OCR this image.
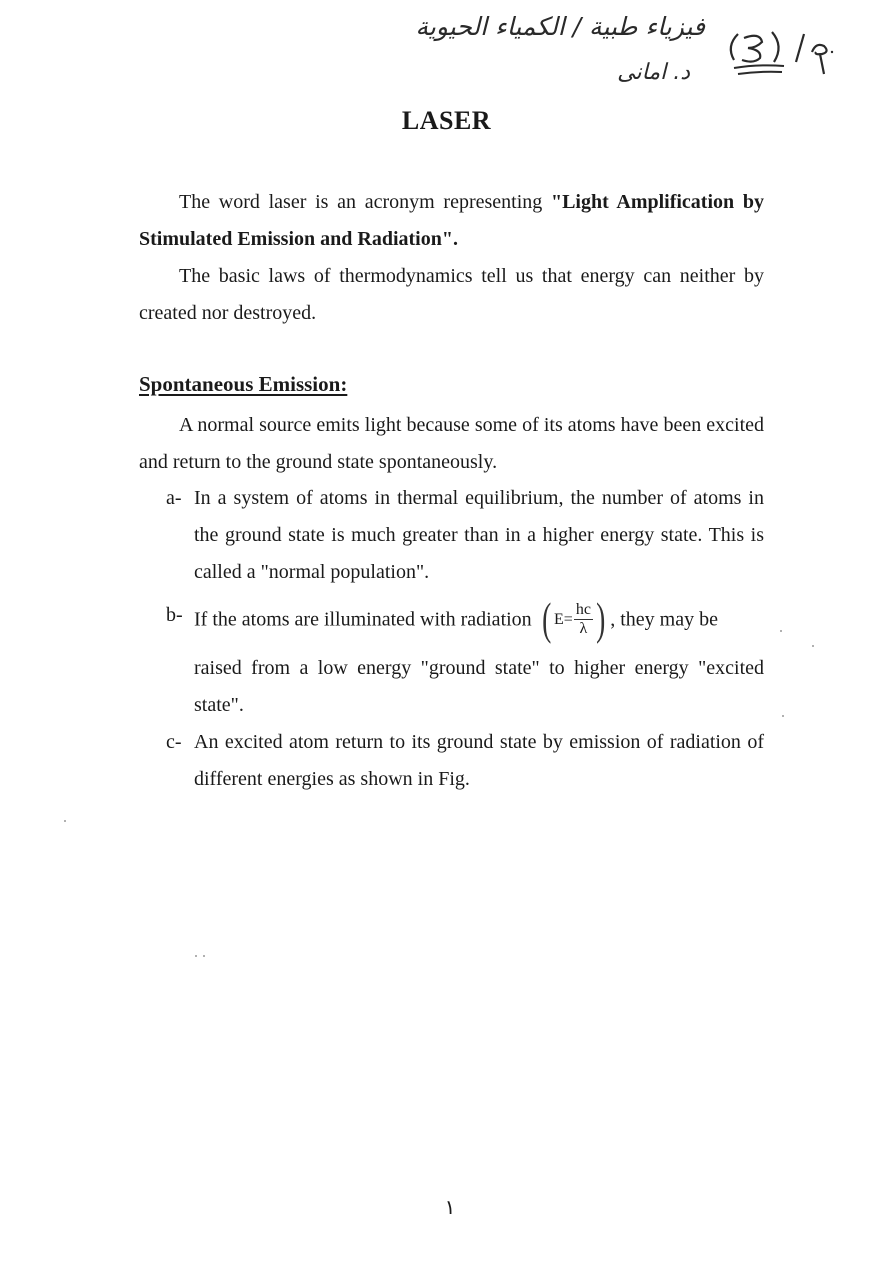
فيزياء طبية / الكمياء الحيوية
د. امانى
LASER

The word laser is an acronym representing "Light Amplification by Stimulated Emission and Radiation".

The basic laws of thermodynamics tell us that energy can neither by created nor destroyed.

Spontaneous Emission:

A normal source emits light because some of its atoms have been excited and return to the ground state spontaneously.

a- In a system of atoms in thermal equilibrium, the number of atoms in the ground state is much greater than in a higher energy state. This is called a "normal population".
b- If the atoms are illuminated with radiation ( $E= \frac{hc}{\lambda}$ ) , they may be
raised from a low energy "ground state" to higher energy "excited state".
c- An excited atom return to its ground state by emission of radiation of different energies as shown in Fig.
١
